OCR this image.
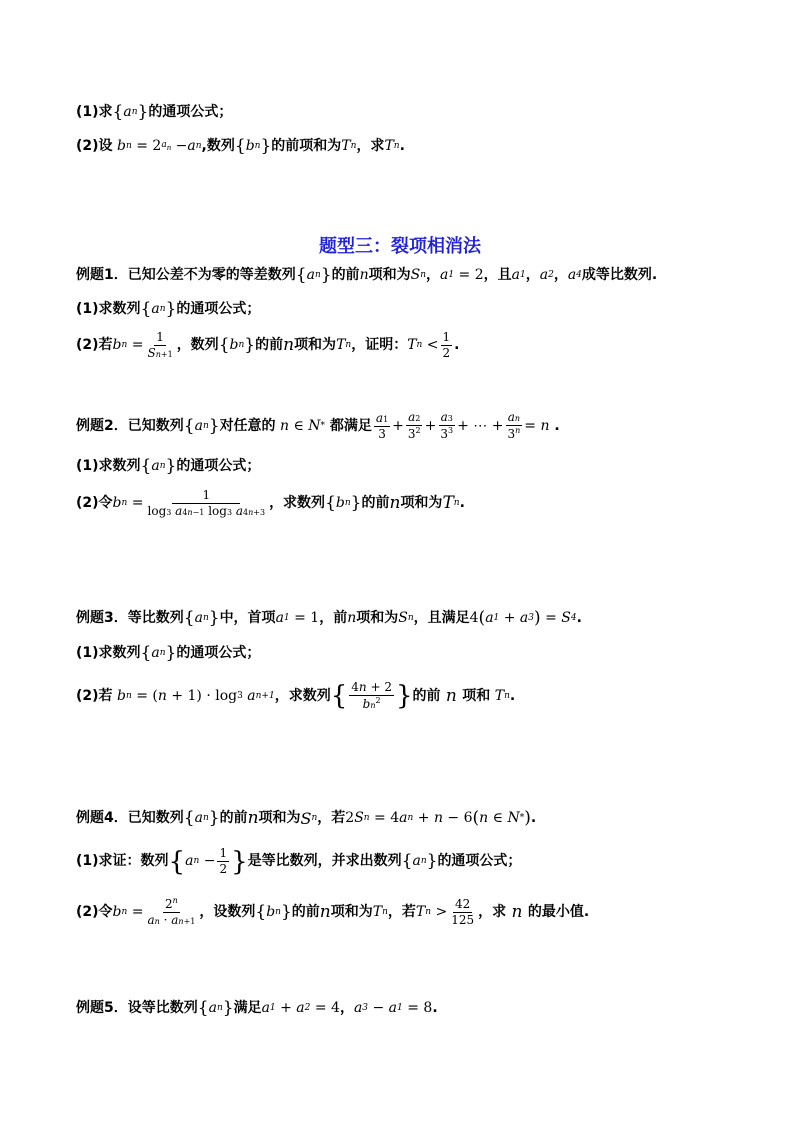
(1)求 { a n } 的通项公式；
(2)设 b n = 2 $a_n - a$ n ,数列 { b n } 的前项和为 T n ，求 T n .
题型三：裂项相消法
例题1． 已知公差不为零的等差数列 { a n } 的前 n 项和为 S n ， a 1 = 2 ，且 a 1 ， a 2 ， a 4 成等比数列.
(1)求数列 { a n } 的通项公式；
(2)若 b $n = \frac{1}{Sn+1}$ ，数列 { b n } 的前 n 项和为 T n ，证明： T $n < \frac{1}{2}$ .
例题2． 已知数列 { a n } 对任意的 n ∈ N * 都满足 $\frac{a1}{3} + \frac{a2}{3^2} + \frac{a3}{3^3}$ + ⋯ + $\frac{an}{3^n} = n$ .
(1)求数列 { a n } 的通项公式；
(2)令 b $n = \frac{1}{\log 3 a4n-1 \log 3 a4n+3}$ ，求数列 { b n } 的前 n 项和为 T n .
例题3． 等比数列 { a n } 中，首项 a 1 = 1 ，前 n 项和为 S n ，且满足 4 ( a 1 + a 3 ) = S 4 .
(1)求数列 { a n } 的通项公式；
(2)若 b n = ( n + 1) · log 3 a n+1 ，求数列 { $\frac{4n + 2}{bn^2}$ } 的前 n 项和 T n .
例题4． 已知数列 { a n } 的前 n 项和为 S n ，若 2 S n = 4 a n + n − 6 ( n ∈ N * ) .
(1)求证：数列 { a $n - \frac{1}{2}$ } 是等比数列，并求出数列 { a n } 的通项公式；
(2)令 b $n = \frac{2^n}{an \cdot an+1}$ ，设数列 { b n } 的前 n 项和为 T n ，若 T $n > \frac{42}{125}$ ，求 n 的最小值.
例题5． 设等比数列 { a n } 满足 a 1 + a 2 = 4 ， a 3 − a 1 = 8 .
